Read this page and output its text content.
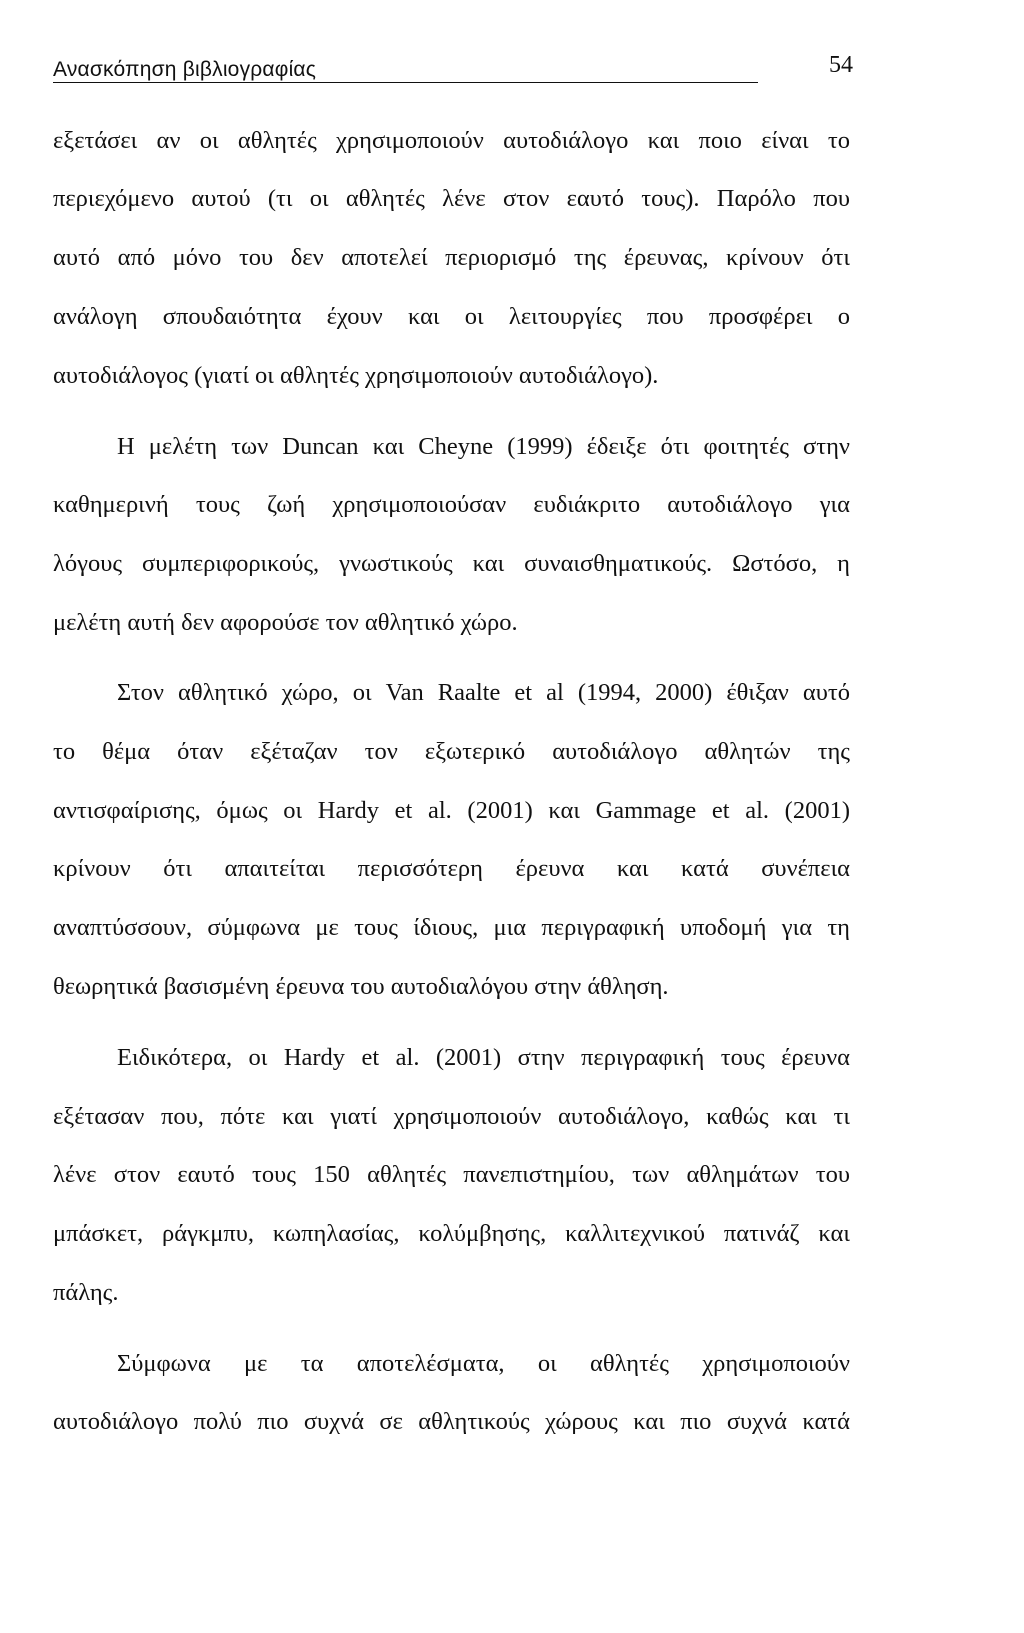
Ανασκόπηση βιβλιογραφίας	54
εξετάσει αν οι αθλητές χρησιμοποιούν αυτοδιάλογο και ποιο είναι το
περιεχόμενο αυτού (τι οι αθλητές λένε στον εαυτό τους). Παρόλο που
αυτό από μόνο του δεν αποτελεί περιορισμό της έρευνας, κρίνουν ότι
ανάλογη σπουδαιότητα έχουν και οι λειτουργίες που προσφέρει ο
αυτοδιάλογος (γιατί οι αθλητές χρησιμοποιούν αυτοδιάλογο).
Η μελέτη των Duncan και Cheyne (1999) έδειξε ότι φοιτητές στην
καθημερινή τους ζωή χρησιμοποιούσαν ευδιάκριτο αυτοδιάλογο για
λόγους συμπεριφορικούς, γνωστικούς και συναισθηματικούς. Ωστόσο, η
μελέτη αυτή δεν αφορούσε τον αθλητικό χώρο.
Στον αθλητικό χώρο, οι Van Raalte et al (1994, 2000) έθιξαν αυτό
το θέμα όταν εξέταζαν τον εξωτερικό αυτοδιάλογο αθλητών της
αντισφαίρισης, όμως οι Hardy et al. (2001) και Gammage et al. (2001)
κρίνουν ότι απαιτείται περισσότερη έρευνα και κατά συνέπεια
αναπτύσσουν, σύμφωνα με τους ίδιους, μια περιγραφική υποδομή για τη
θεωρητικά βασισμένη έρευνα του αυτοδιαλόγου στην άθληση.
Ειδικότερα, οι Hardy et al. (2001) στην περιγραφική τους έρευνα
εξέτασαν που, πότε και γιατί χρησιμοποιούν αυτοδιάλογο, καθώς και τι
λένε στον εαυτό τους 150 αθλητές πανεπιστημίου, των αθλημάτων του
μπάσκετ, ράγκμπυ, κωπηλασίας, κολύμβησης, καλλιτεχνικού πατινάζ και
πάλης.
Σύμφωνα με τα αποτελέσματα, οι αθλητές χρησιμοποιούν
αυτοδιάλογο πολύ πιο συχνά σε αθλητικούς χώρους και πιο συχνά κατά
